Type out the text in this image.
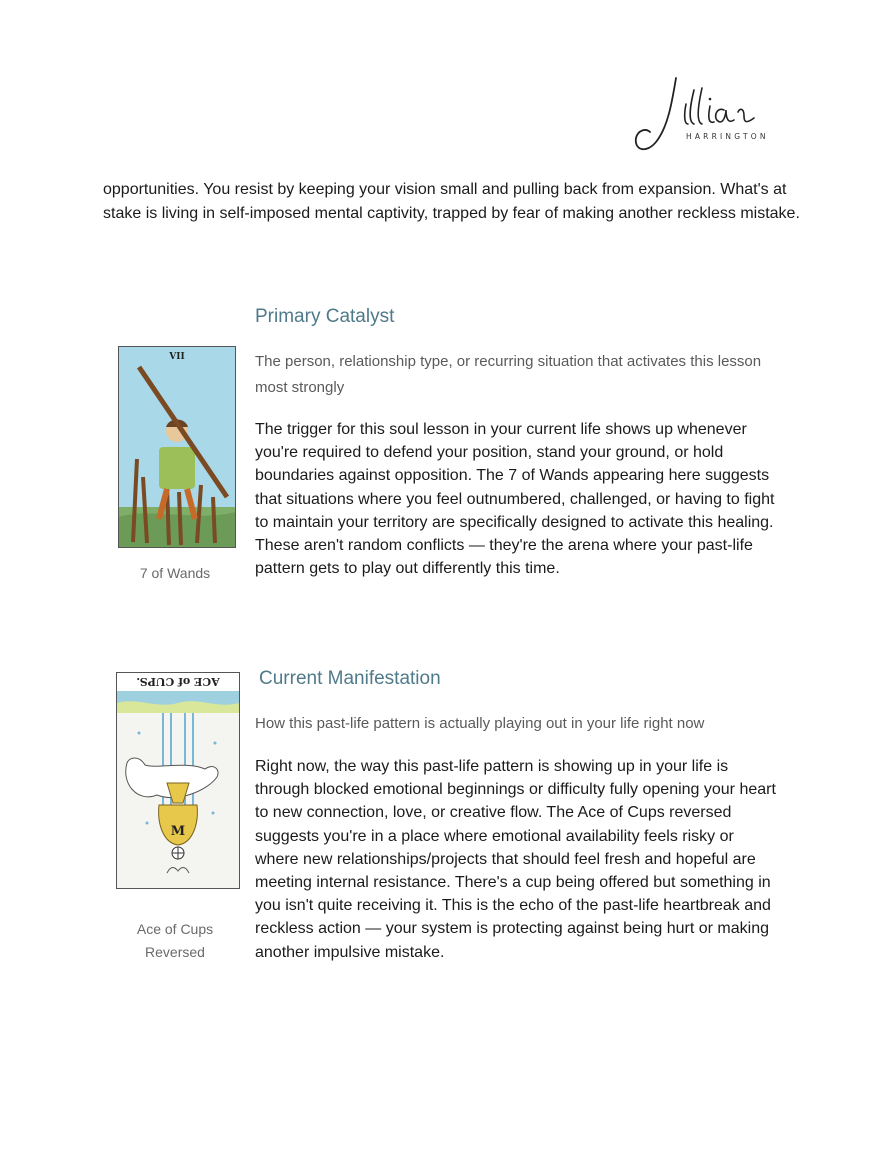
HARRINGTON

opportunities. You resist by keeping your vision small and pulling back from expansion. What's at stake is living in self-imposed mental captivity, trapped by fear of making another reckless mistake.

VII
7 of Wands
Primary Catalyst

The person, relationship type, or recurring situation that activates this lesson most strongly

The trigger for this soul lesson in your current life shows up whenever you're required to defend your position, stand your ground, or hold boundaries against opposition. The 7 of Wands appearing here suggests that situations where you feel outnumbered, challenged, or having to fight to maintain your territory are specifically designed to activate this healing. These aren't random conflicts — they're the arena where your past-life pattern gets to play out differently this time.

ACE of CUPS.
M
Ace of Cups
Reversed
Current Manifestation

How this past-life pattern is actually playing out in your life right now

Right now, the way this past-life pattern is showing up in your life is through blocked emotional beginnings or difficulty fully opening your heart to new connection, love, or creative flow. The Ace of Cups reversed suggests you're in a place where emotional availability feels risky or where new relationships/projects that should feel fresh and hopeful are meeting internal resistance. There's a cup being offered but something in you isn't quite receiving it. This is the echo of the past-life heartbreak and reckless action — your system is protecting against being hurt or making another impulsive mistake.
